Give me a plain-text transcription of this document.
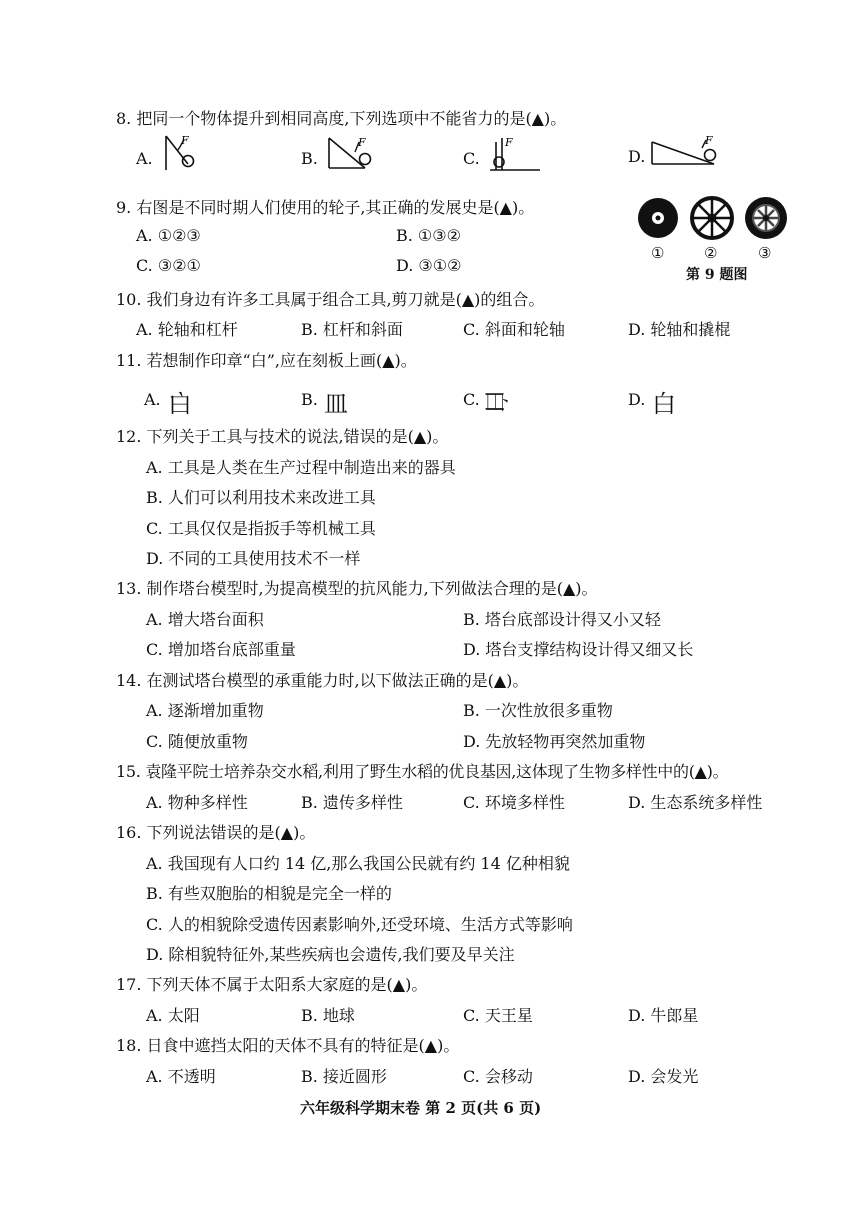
8. 把同一个物体提升到相同高度,下列选项中不能省力的是(▲)。
A.	B.	C.	D.
F	F	F	F
9. 右图是不同时期人们使用的轮子,其正确的发展史是(▲)。
A. ①②③	B. ①③②
C. ③②①	D. ③①②
①	②	③
第 9 题图
10. 我们身边有许多工具属于组合工具,剪刀就是(▲)的组合。
A. 轮轴和杠杆	B. 杠杆和斜面	C. 斜面和轮轴	D. 轮轴和撬棍
11. 若想制作印章“白”,应在刻板上画(▲)。
A. 白	B. 皿	C. 白	D. 白
12. 下列关于工具与技术的说法,错误的是(▲)。
A. 工具是人类在生产过程中制造出来的器具
B. 人们可以利用技术来改进工具
C. 工具仅仅是指扳手等机械工具
D. 不同的工具使用技术不一样
13. 制作塔台模型时,为提高模型的抗风能力,下列做法合理的是(▲)。
A. 增大塔台面积	B. 塔台底部设计得又小又轻
C. 增加塔台底部重量	D. 塔台支撑结构设计得又细又长
14. 在测试塔台模型的承重能力时,以下做法正确的是(▲)。
A. 逐渐增加重物	B. 一次性放很多重物
C. 随便放重物	D. 先放轻物再突然加重物
15. 袁隆平院士培养杂交水稻,利用了野生水稻的优良基因,这体现了生物多样性中的(▲)。
A. 物种多样性	B. 遗传多样性	C. 环境多样性	D. 生态系统多样性
16. 下列说法错误的是(▲)。
A. 我国现有人口约 14 亿,那么我国公民就有约 14 亿种相貌
B. 有些双胞胎的相貌是完全一样的
C. 人的相貌除受遗传因素影响外,还受环境、生活方式等影响
D. 除相貌特征外,某些疾病也会遗传,我们要及早关注
17. 下列天体不属于太阳系大家庭的是(▲)。
A. 太阳	B. 地球	C. 天王星	D. 牛郎星
18. 日食中遮挡太阳的天体不具有的特征是(▲)。
A. 不透明	B. 接近圆形	C. 会移动	D. 会发光
六年级科学期末卷 第 2 页(共 6 页)
